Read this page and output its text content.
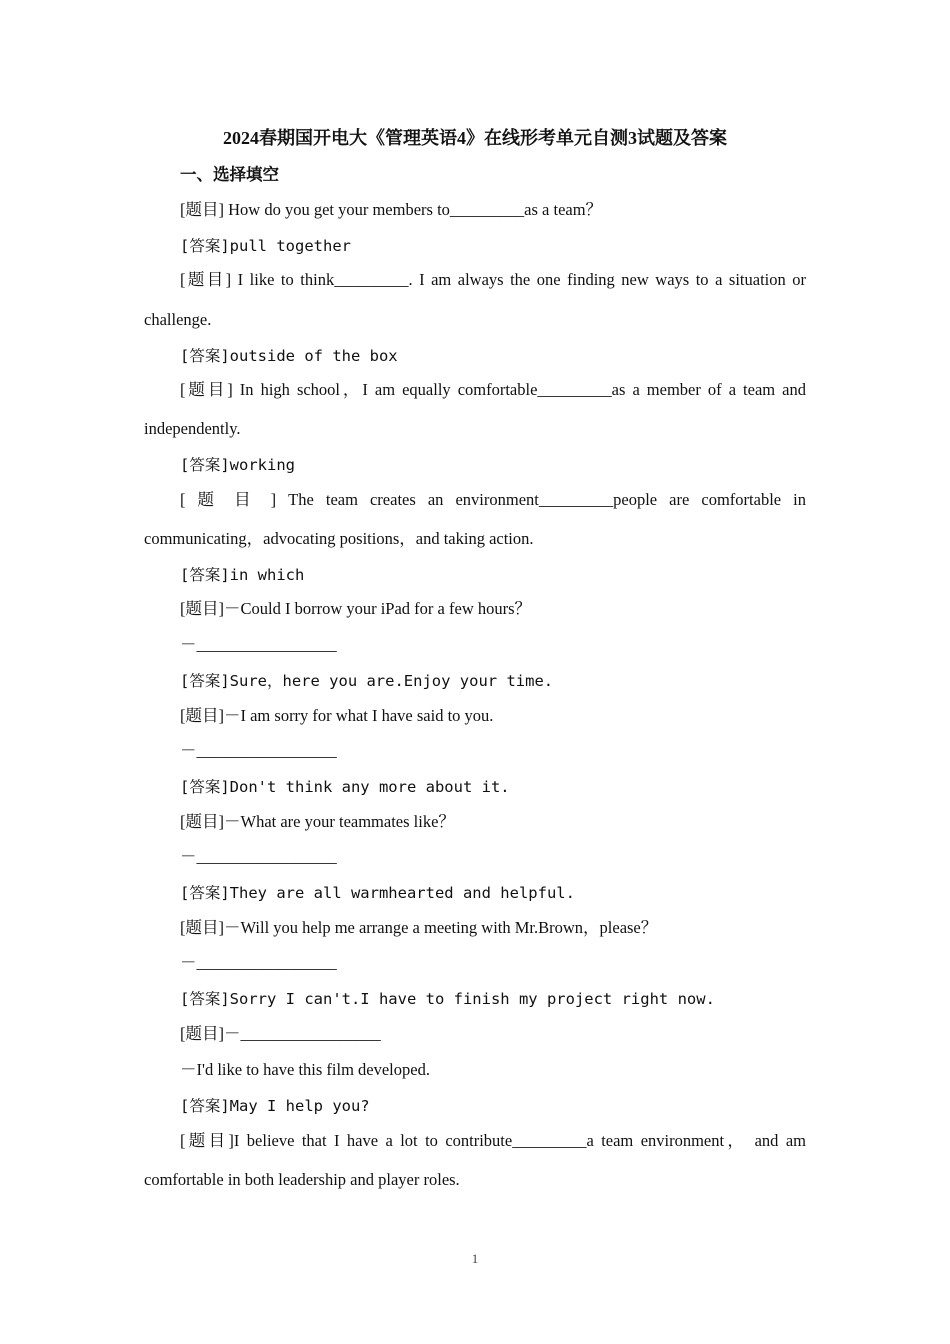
2024春期国开电大《管理英语4》在线形考单元自测3试题及答案
一、选择填空
[题目] How do you get your members to_________as a team？
[答案]pull together
[题目] I like to think_________. I am always the one finding new ways to a situation or
challenge.
[答案]outside of the box
[题目] In high school，I am equally comfortable_________as a member of a team and
independently.
[答案]working
[ 题 目 ] The team creates an environment_________people are comfortable in
communicating，advocating positions，and taking action.
[答案]in which
[题目]－Could I borrow your iPad for a few hours？
－_________________
[答案]Sure，here you are.Enjoy your time.
[题目]－I am sorry for what I have said to you.
－_________________
[答案]Don't think any more about it.
[题目]－What are your teammates like？
－_________________
[答案]They are all warmhearted and helpful.
[题目]－Will you help me arrange a meeting with Mr.Brown，please？
－_________________
[答案]Sorry I can't.I have to finish my project right now.
[题目]－_________________
－I'd like to have this film developed.
[答案]May I help you?
[题目]I believe that I have a lot to contribute_________a team environment， and am
comfortable in both leadership and player roles.
1
